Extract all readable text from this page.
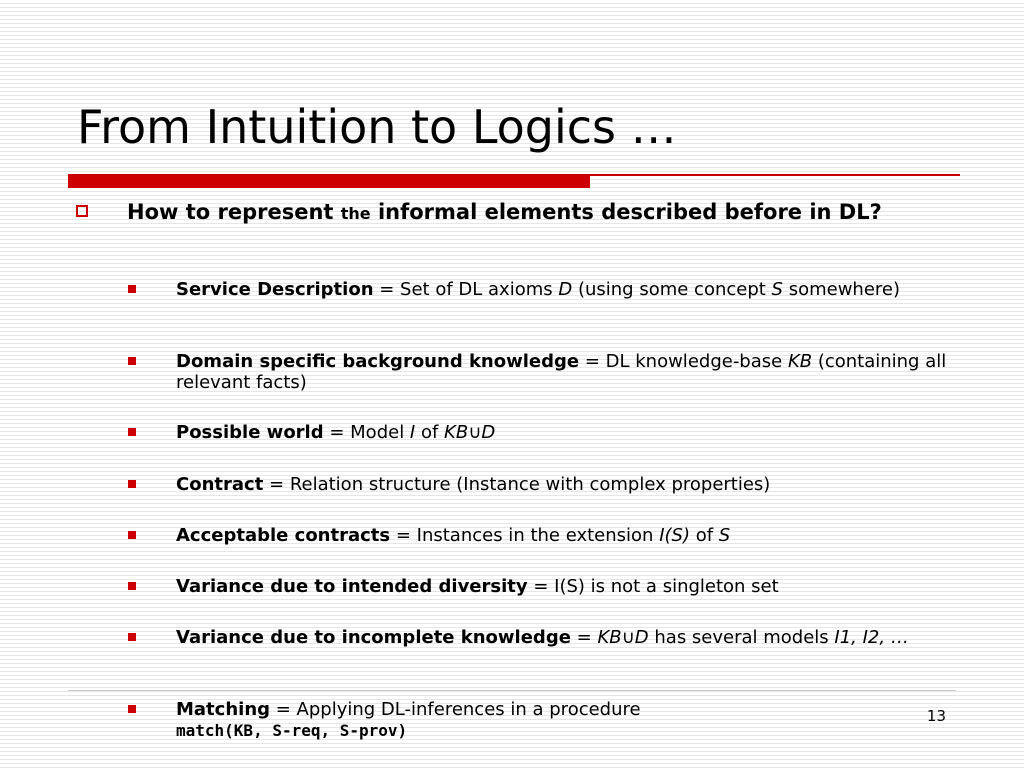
From Intuition to Logics …
How to represent the informal elements described before in DL?
Service Description = Set of DL axioms D (using some concept S somewhere)
Domain specific background knowledge = DL knowledge-base KB (containing all relevant facts)
Possible world = Model I of KB∪D
Contract = Relation structure (Instance with complex properties)
Acceptable contracts = Instances in the extension I(S) of S
Variance due to intended diversity = I(S) is not a singleton set
Variance due to incomplete knowledge = KB∪D has several models I1, I2, …
Matching = Applying DL-inferences in a procedure
match(KB, S-req, S-prov)
13
